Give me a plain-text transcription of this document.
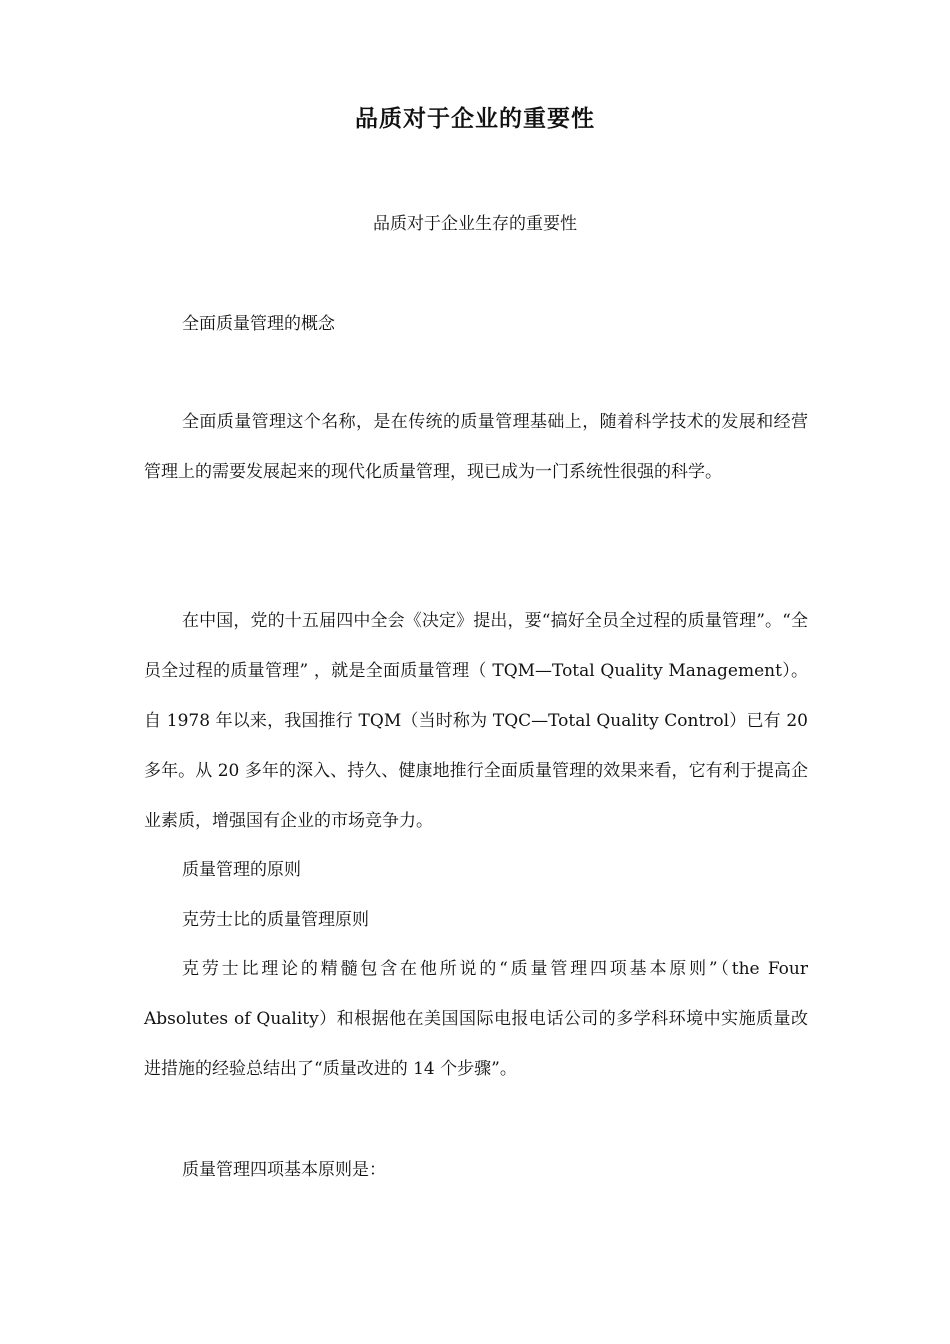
品质对于企业的重要性
品质对于企业生存的重要性
全面质量管理的概念

全面质量管理这个名称，是在传统的质量管理基础上，随着科学技术的发展和经营管理上的需要发展起来的现代化质量管理，现已成为一门系统性很强的科学。

在中国，党的十五届四中全会《决定》提出，要“搞好全员全过程的质量管理”。“全员全过程的质量管理” ，就是全面质量管理（ TQM—Total Quality Management）。自 1978 年以来，我国推行 TQM（当时称为 TQC—Total Quality Control）已有 20 多年。从 20 多年的深入、持久、健康地推行全面质量管理的效果来看，它有利于提高企业素质，增强国有企业的市场竞争力。

质量管理的原则
克劳士比的质量管理原则

克劳士比理论的精髓包含在他所说的“质量管理四项基本原则”（the Four Absolutes of Quality）和根据他在美国国际电报电话公司的多学科环境中实施质量改进措施的经验总结出了“质量改进的 14 个步骤”。

质量管理四项基本原则是：
